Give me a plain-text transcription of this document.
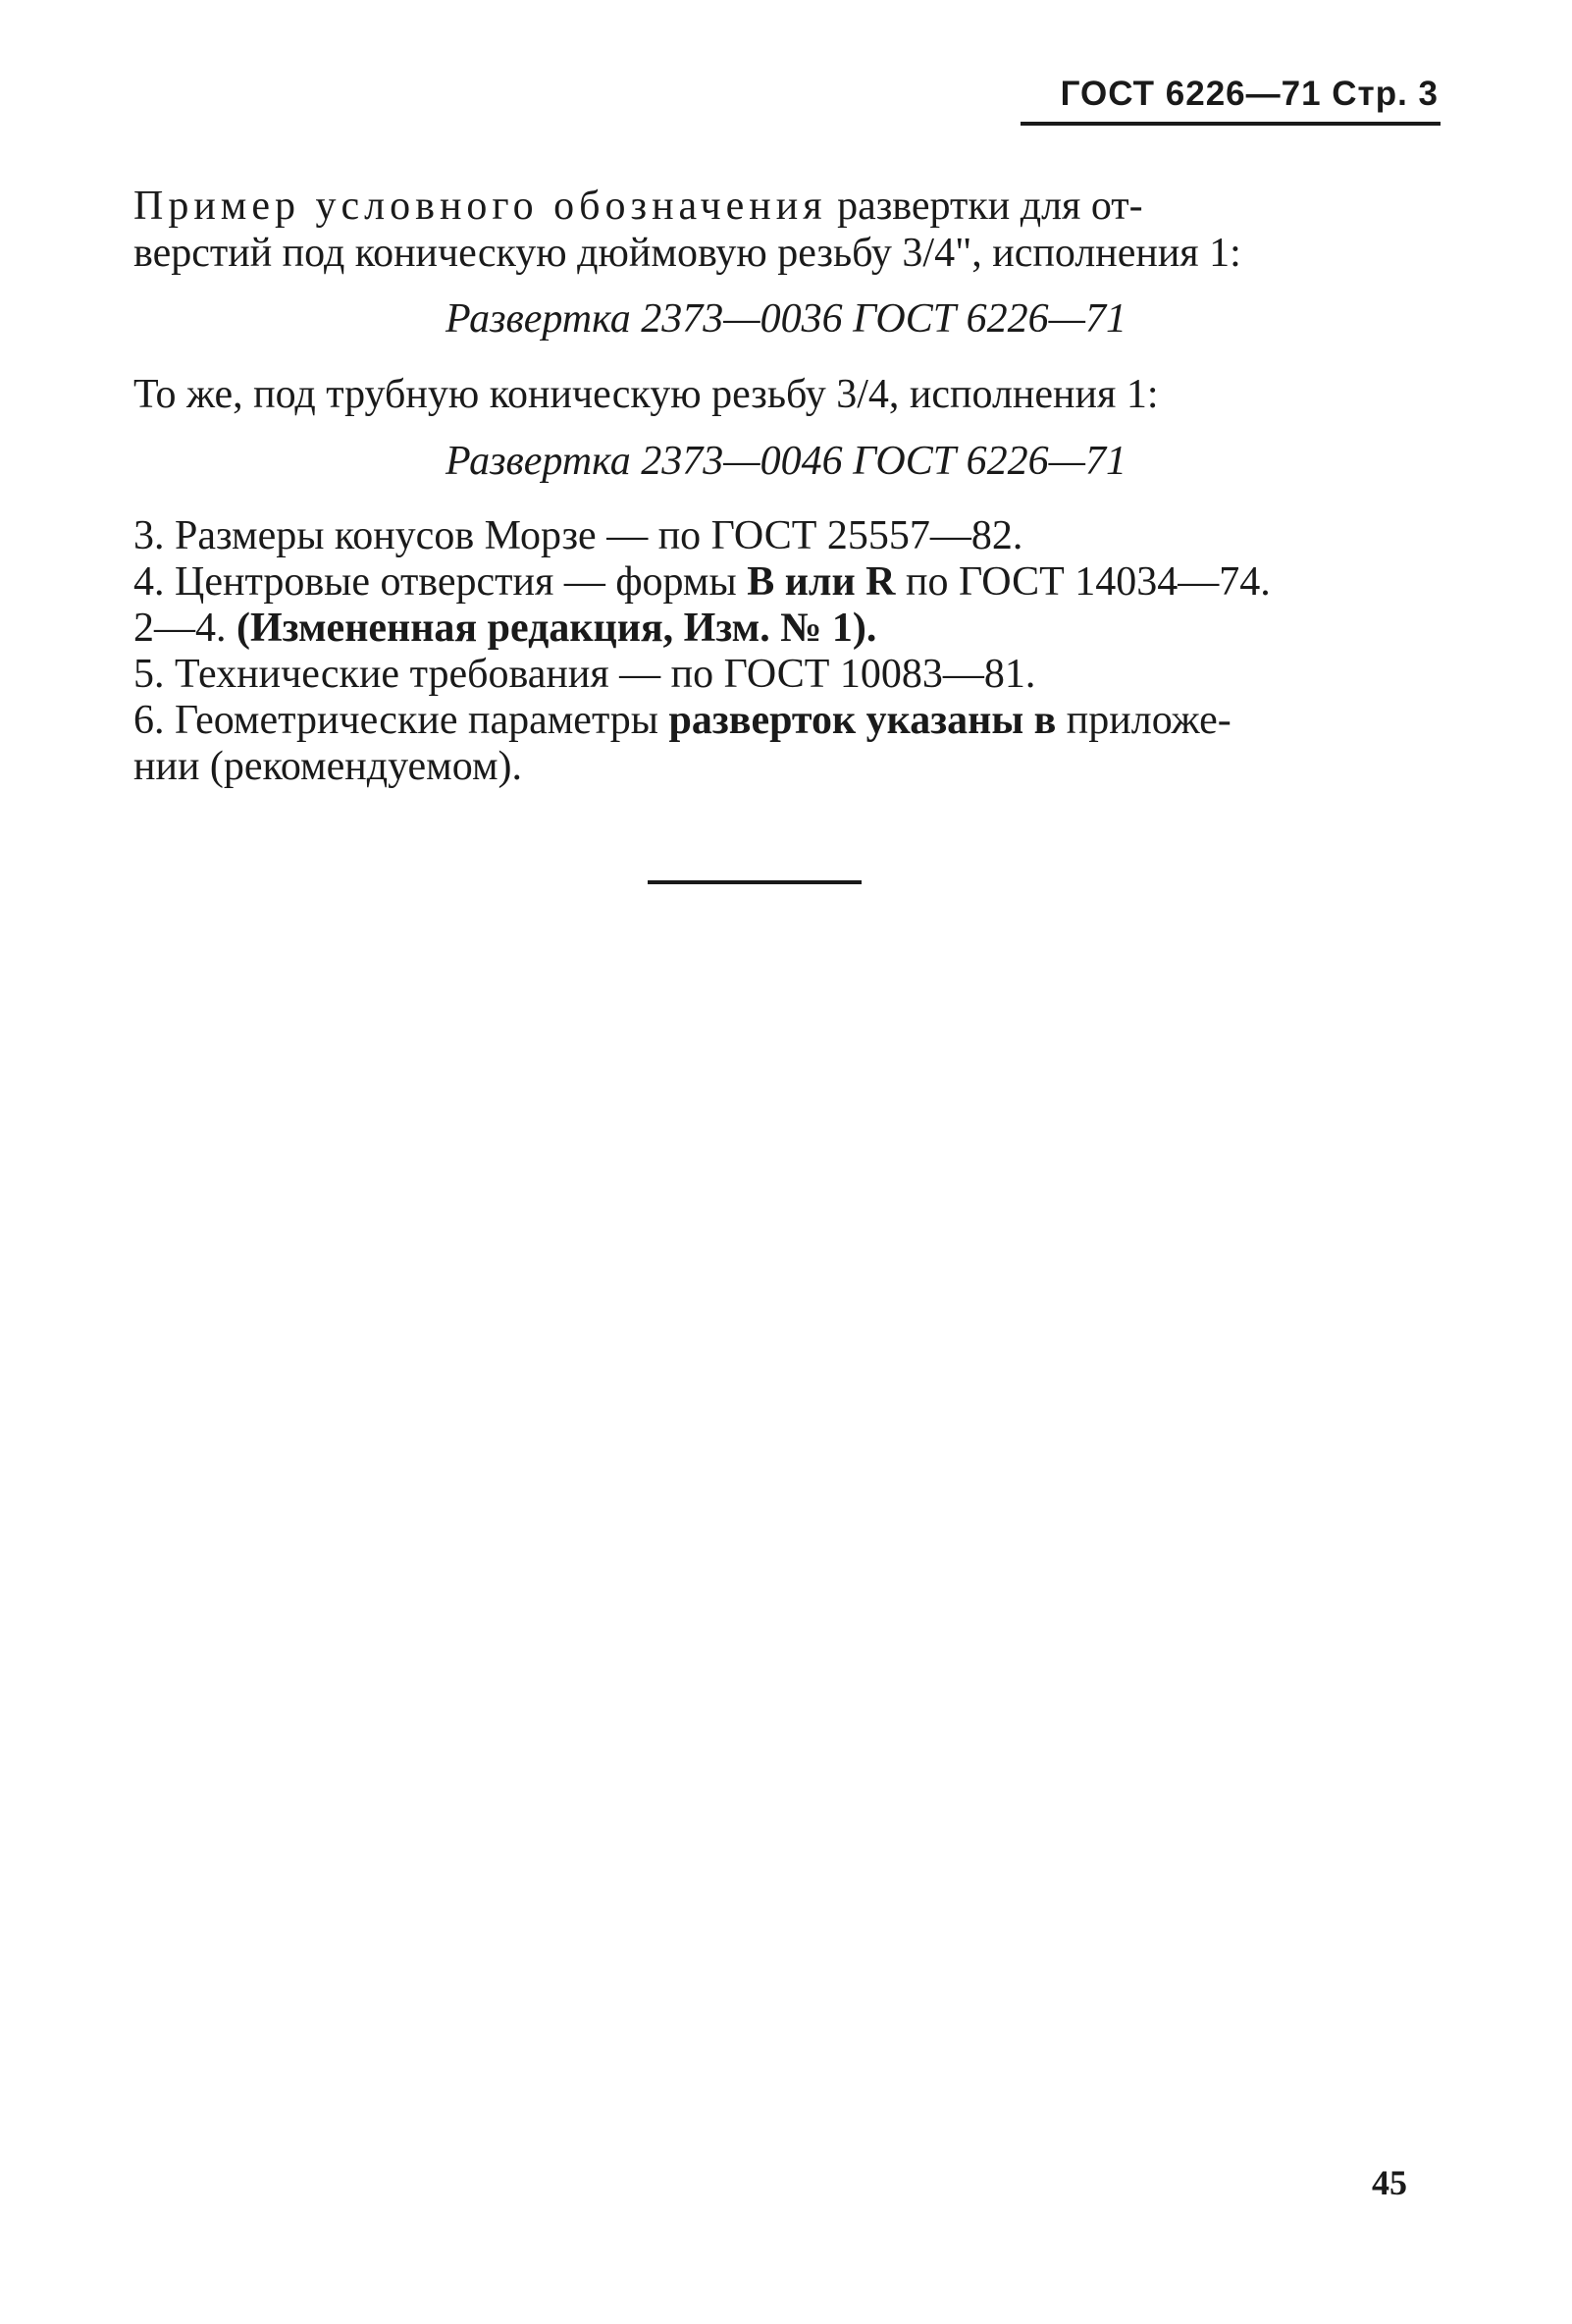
ГОСТ 6226—71 Стр. 3
Пример условного обозначения развертки для от-
верстий под коническую дюймовую резьбу 3/4", исполнения 1:
Развертка 2373—0036 ГОСТ 6226—71
То же, под трубную коническую резьбу 3/4, исполнения 1:
Развертка 2373—0046 ГОСТ 6226—71
3. Размеры конусов Морзе — по ГОСТ 25557—82.
4. Центровые отверстия — формы В или R по ГОСТ 14034—74.
2—4. (Измененная редакция, Изм. № 1).
5. Технические требования — по ГОСТ 10083—81.
6. Геометрические параметры разверток указаны в приложе-
нии (рекомендуемом).
45
